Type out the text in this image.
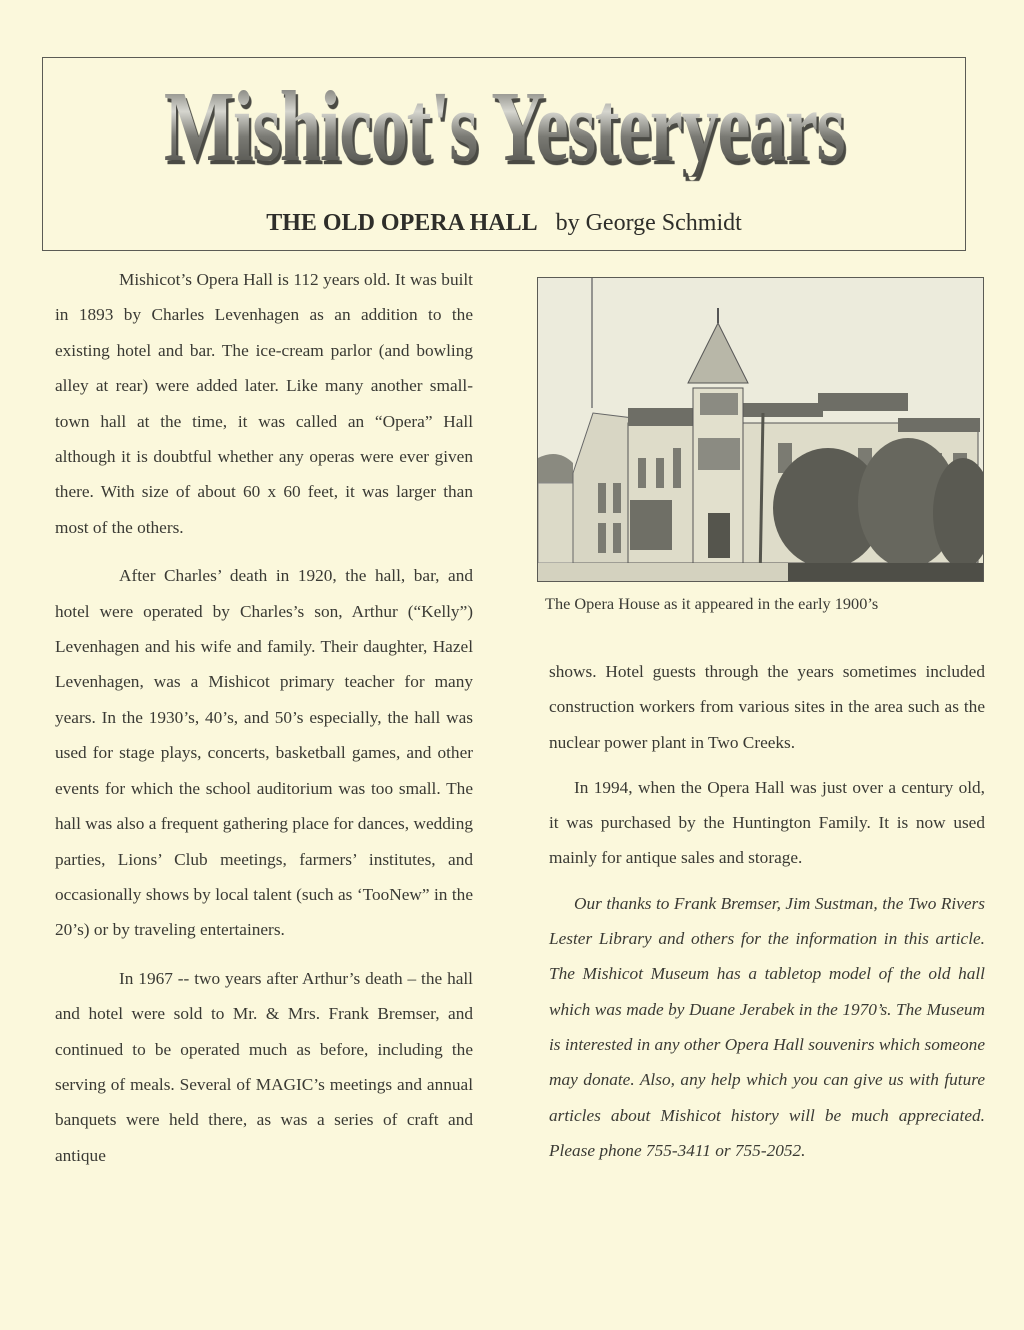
Mishicot's Yesteryears
THE OLD OPERA HALL by George Schmidt

Mishicot’s Opera Hall is 112 years old. It was built in 1893 by Charles Levenhagen as an addition to the existing hotel and bar. The ice-cream parlor (and bowling alley at rear) were added later. Like many another small-town hall at the time, it was called an “Opera” Hall although it is doubtful whether any operas were ever given there. With size of about 60 x 60 feet, it was larger than most of the others.

After Charles’ death in 1920, the hall, bar, and hotel were operated by Charles’s son, Arthur (“Kelly”) Levenhagen and his wife and family. Their daughter, Hazel Levenhagen, was a Mishicot primary teacher for many years. In the 1930’s, 40’s, and 50’s especially, the hall was used for stage plays, concerts, basketball games, and other events for which the school auditorium was too small. The hall was also a frequent gathering place for dances, wedding parties, Lions’ Club meetings, farmers’ institutes, and occasionally shows by local talent (such as ‘TooNew” in the 20’s) or by traveling entertainers.

In 1967 -- two years after Arthur’s death – the hall and hotel were sold to Mr. & Mrs. Frank Bremser, and continued to be operated much as before, including the serving of meals. Several of MAGIC’s meetings and annual banquets were held there, as was a series of craft and antique

The Opera House as it appeared in the early 1900’s

shows. Hotel guests through the years sometimes included construction workers from various sites in the area such as the nuclear power plant in Two Creeks.

In 1994, when the Opera Hall was just over a century old, it was purchased by the Huntington Family. It is now used mainly for antique sales and storage.

Our thanks to Frank Bremser, Jim Sustman, the Two Rivers Lester Library and others for the information in this article. The Mishicot Museum has a tabletop model of the old hall which was made by Duane Jerabek in the 1970’s. The Museum is interested in any other Opera Hall souvenirs which someone may donate. Also, any help which you can give us with future articles about Mishicot history will be much appreciated. Please phone 755-3411 or 755-2052.
